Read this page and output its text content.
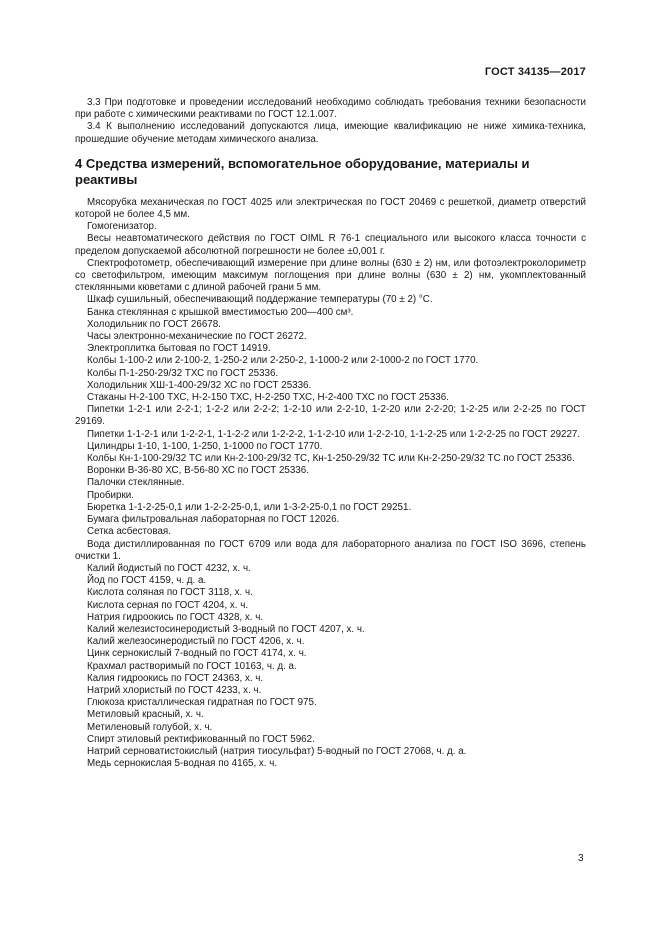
ГОСТ 34135—2017

3.3 При подготовке и проведении исследований необходимо соблюдать требования техники безопасности при работе с химическими реактивами по ГОСТ 12.1.007.

3.4 К выполнению исследований допускаются лица, имеющие квалификацию не ниже химика-техника, прошедшие обучение методам химического анализа.

4 Средства измерений, вспомогательное оборудование, материалы и реактивы

Мясорубка механическая по ГОСТ 4025 или электрическая по ГОСТ 20469 с решеткой, диаметр отверстий которой не более 4,5 мм.

Гомогенизатор.

Весы неавтоматического действия по ГОСТ OIML R 76-1 специального или высокого класса точности с пределом допускаемой абсолютной погрешности не более ±0,001 г.

Спектрофотометр, обеспечивающий измерение при длине волны (630 ± 2) нм, или фотоэлектроколориметр со светофильтром, имеющим максимум поглощения при длине волны (630 ± 2) нм, укомплектованный стеклянными кюветами с длиной рабочей грани 5 мм.

Шкаф сушильный, обеспечивающий поддержание температуры (70 ± 2) °С.

Банка стеклянная с крышкой вместимостью 200—400 см³.

Холодильник по ГОСТ 26678.

Часы электронно-механические по ГОСТ 26272.

Электроплитка бытовая по ГОСТ 14919.

Колбы 1-100-2 или 2-100-2, 1-250-2 или 2-250-2, 1-1000-2 или 2-1000-2 по ГОСТ 1770.

Колбы П-1-250-29/32 ТХС по ГОСТ 25336.

Холодильник ХШ-1-400-29/32 ХС по ГОСТ 25336.

Стаканы Н-2-100 ТХС, Н-2-150 ТХС, Н-2-250 ТХС, Н-2-400 ТХС по ГОСТ 25336.

Пипетки 1-2-1 или 2-2-1; 1-2-2 или 2-2-2; 1-2-10 или 2-2-10, 1-2-20 или 2-2-20; 1-2-25 или 2-2-25 по ГОСТ 29169.

Пипетки 1-1-2-1 или 1-2-2-1, 1-1-2-2 или 1-2-2-2, 1-1-2-10 или 1-2-2-10, 1-1-2-25 или 1-2-2-25 по ГОСТ 29227.

Цилиндры 1-10, 1-100, 1-250, 1-1000 по ГОСТ 1770.

Колбы Кн-1-100-29/32 ТС или Кн-2-100-29/32 ТС, Кн-1-250-29/32 ТС или Кн-2-250-29/32 ТС по ГОСТ 25336.

Воронки В-36-80 ХС, В-56-80 ХС по ГОСТ 25336.

Палочки стеклянные.

Пробирки.

Бюретка 1-1-2-25-0,1 или 1-2-2-25-0,1, или 1-3-2-25-0,1 по ГОСТ 29251.

Бумага фильтровальная лабораторная по ГОСТ 12026.

Сетка асбестовая.

Вода дистиллированная по ГОСТ 6709 или вода для лабораторного анализа по ГОСТ ISO 3696, степень очистки 1.

Калий йодистый по ГОСТ 4232, х. ч.

Йод по ГОСТ 4159, ч. д. а.

Кислота соляная по ГОСТ 3118, х. ч.

Кислота серная по ГОСТ 4204, х. ч.

Натрия гидроокись по ГОСТ 4328, х. ч.

Калий железистосинеродистый 3-водный по ГОСТ 4207, х. ч.

Калий железосинеродистый по ГОСТ 4206, х. ч.

Цинк сернокислый 7-водный по ГОСТ 4174, х. ч.

Крахмал растворимый по ГОСТ 10163, ч. д. а.

Калия гидроокись по ГОСТ 24363, х. ч.

Натрий хлористый по ГОСТ 4233, х. ч.

Глюкоза кристаллическая гидратная по ГОСТ 975.

Метиловый красный, х. ч.

Метиленовый голубой, х. ч.

Спирт этиловый ректификованный по ГОСТ 5962.

Натрий серноватистокислый (натрия тиосульфат) 5-водный по ГОСТ 27068, ч. д. а.

Медь сернокислая 5-водная по 4165, х. ч.

3
